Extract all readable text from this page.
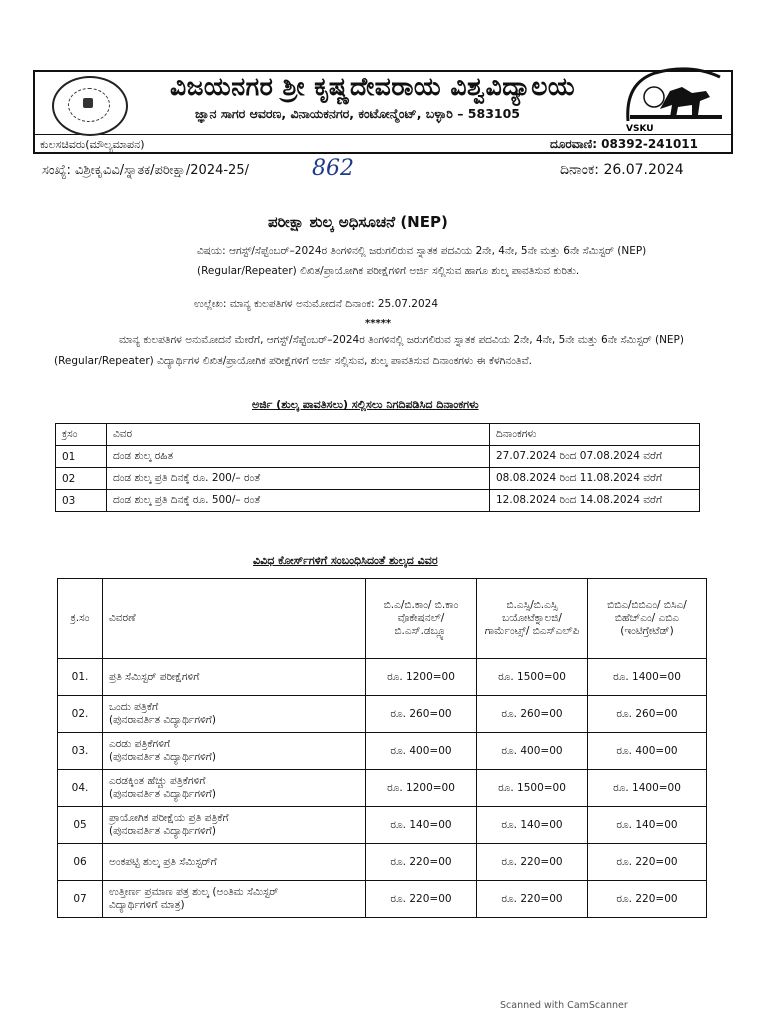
ವಿಜಯನಗರ ಶ್ರೀ ಕೃಷ್ಣದೇವರಾಯ ವಿಶ್ವವಿದ್ಯಾಲಯ
ಜ್ಞಾನ ಸಾಗರ ಆವರಣ, ವಿನಾಯಕನಗರ, ಕಂಟೋನ್ಮೆಂಟ್, ಬಳ್ಳಾರಿ – 583105
VSKU
ಕುಲಸಚಿವರು(ಮೌಲ್ಯಮಾಪನ)	ದೂರವಾಣಿ: 08392-241011
ಸಂಖ್ಯೆ: ವಿಶ್ರೀಕೃವಿವಿ/ಸ್ನಾತಕ/ಪರೀಕ್ಷಾ/2024-25/	862	ದಿನಾಂಕ: 26.07.2024
ಪರೀಕ್ಷಾ ಶುಲ್ಕ ಅಧಿಸೂಚನೆ (NEP)
ವಿಷಯ: ಆಗಸ್ಟ್/ಸೆಪ್ಟೆಂಬರ್–2024ರ ತಿಂಗಳಿನಲ್ಲಿ ಜರುಗಲಿರುವ ಸ್ನಾತಕ ಪದವಿಯ 2ನೇ, 4ನೇ, 5ನೇ ಮತ್ತು 6ನೇ ಸೆಮಿಸ್ಟರ್ (NEP) (Regular/Repeater) ಲಿಖಿತ/ಪ್ರಾಯೋಗಿಕ ಪರೀಕ್ಷೆಗಳಿಗೆ ಅರ್ಜಿ ಸಲ್ಲಿಸುವ ಹಾಗೂ ಶುಲ್ಕ ಪಾವತಿಸುವ ಕುರಿತು.
ಉಲ್ಲೇಖ: ಮಾನ್ಯ ಕುಲಪತಿಗಳ ಅನುಮೋದನೆ ದಿನಾಂಕ: 25.07.2024
*****
ಮಾನ್ಯ ಕುಲಪತಿಗಳ ಅನುಮೋದನೆ ಮೇರೆಗೆ, ಆಗಸ್ಟ್/ಸೆಪ್ಟೆಂಬರ್–2024ರ ತಿಂಗಳಿನಲ್ಲಿ ಜರುಗಲಿರುವ ಸ್ನಾತಕ ಪದವಿಯ 2ನೇ, 4ನೇ, 5ನೇ ಮತ್ತು 6ನೇ ಸೆಮಿಸ್ಟರ್ (NEP) (Regular/Repeater) ವಿದ್ಯಾರ್ಥಿಗಳ ಲಿಖಿತ/ಪ್ರಾಯೋಗಿಕ ಪರೀಕ್ಷೆಗಳಿಗೆ ಅರ್ಜಿ ಸಲ್ಲಿಸುವ, ಶುಲ್ಕ ಪಾವತಿಸುವ ದಿನಾಂಕಗಳು ಈ ಕೆಳಗಿನಂತಿವೆ.
ಅರ್ಜಿ (ಶುಲ್ಕ ಪಾವತಿಸಲು) ಸಲ್ಲಿಸಲು ನಿಗದಿಪಡಿಸಿದ ದಿನಾಂಕಗಳು
ಕ್ರಸಂ	ವಿವರ	ದಿನಾಂಕಗಳು
01	ದಂಡ ಶುಲ್ಕ ರಹಿತ	27.07.2024 ರಿಂದ 07.08.2024 ವರೆಗೆ
02	ದಂಡ ಶುಲ್ಕ ಪ್ರತಿ ದಿನಕ್ಕೆ ರೂ. 200/– ರಂತೆ	08.08.2024 ರಿಂದ 11.08.2024 ವರೆಗೆ
03	ದಂಡ ಶುಲ್ಕ ಪ್ರತಿ ದಿನಕ್ಕೆ ರೂ. 500/– ರಂತೆ	12.08.2024 ರಿಂದ 14.08.2024 ವರೆಗೆ
ವಿವಿಧ ಕೋರ್ಸ್‌ಗಳಿಗೆ ಸಂಬಂಧಿಸಿದಂತೆ ಶುಲ್ಕದ ವಿವರ
ಕ್ರ.ಸಂ	ವಿವರಣೆ	ಬಿ.ಎ/ಬಿ.ಕಾಂ/ ಬಿ.ಕಾಂ ವೊಕೇಷನಲ್/ ಬಿ.ಎಸ್.ಡಬ್ಲ್ಯೂ	ಬಿ.ಎಸ್ಸಿ/ಬಿ.ಎಸ್ಸಿ ಬಯೋಟೆಕ್ನಾಲಜಿ/ ಗಾರ್ಮೆಂಟ್ಸ್/ ಬಿಎಸ್‌ಎಲ್‌ಪಿ	ಬಿಬಿಎ/ಬಿಬಿಎಂ/ ಬಿಸಿಎ/ಬಿಹೆಚ್‌ಎಂ/ ಎಬಿಎ (ಇಂಟಿಗ್ರೇಟೆಡ್)
01.	ಪ್ರತಿ ಸೆಮಿಸ್ಟರ್ ಪರೀಕ್ಷೆಗಳಿಗೆ	ರೂ. 1200=00	ರೂ. 1500=00	ರೂ. 1400=00
02.	ಒಂದು ಪತ್ರಿಕೆಗೆ
(ಪುನರಾವರ್ತಿತ ವಿದ್ಯಾರ್ಥಿಗಳಿಗೆ)	ರೂ. 260=00	ರೂ. 260=00	ರೂ. 260=00
03.	ಎರಡು ಪತ್ರಿಕೆಗಳಿಗೆ
(ಪುನರಾವರ್ತಿತ ವಿದ್ಯಾರ್ಥಿಗಳಿಗೆ)	ರೂ. 400=00	ರೂ. 400=00	ರೂ. 400=00
04.	ಎರಡಕ್ಕಿಂತ ಹೆಚ್ಚು ಪತ್ರಿಕೆಗಳಿಗೆ
(ಪುನರಾವರ್ತಿತ ವಿದ್ಯಾರ್ಥಿಗಳಿಗೆ)	ರೂ. 1200=00	ರೂ. 1500=00	ರೂ. 1400=00
05	ಪ್ರಾಯೋಗಿಕ ಪರೀಕ್ಷೆಯ ಪ್ರತಿ ಪತ್ರಿಕೆಗೆ
(ಪುನರಾವರ್ತಿತ ವಿದ್ಯಾರ್ಥಿಗಳಿಗೆ)	ರೂ. 140=00	ರೂ. 140=00	ರೂ. 140=00
06	ಅಂಕಪಟ್ಟಿ ಶುಲ್ಕ ಪ್ರತಿ ಸೆಮಿಸ್ಟರ್‌ಗೆ	ರೂ. 220=00	ರೂ. 220=00	ರೂ. 220=00
07	ಉತ್ತೀರ್ಣ ಪ್ರಮಾಣ ಪತ್ರ ಶುಲ್ಕ (ಅಂತಿಮ ಸೆಮಿಸ್ಟರ್
ವಿದ್ಯಾರ್ಥಿಗಳಿಗೆ ಮಾತ್ರ)	ರೂ. 220=00	ರೂ. 220=00	ರೂ. 220=00
Scanned with CamScanner
